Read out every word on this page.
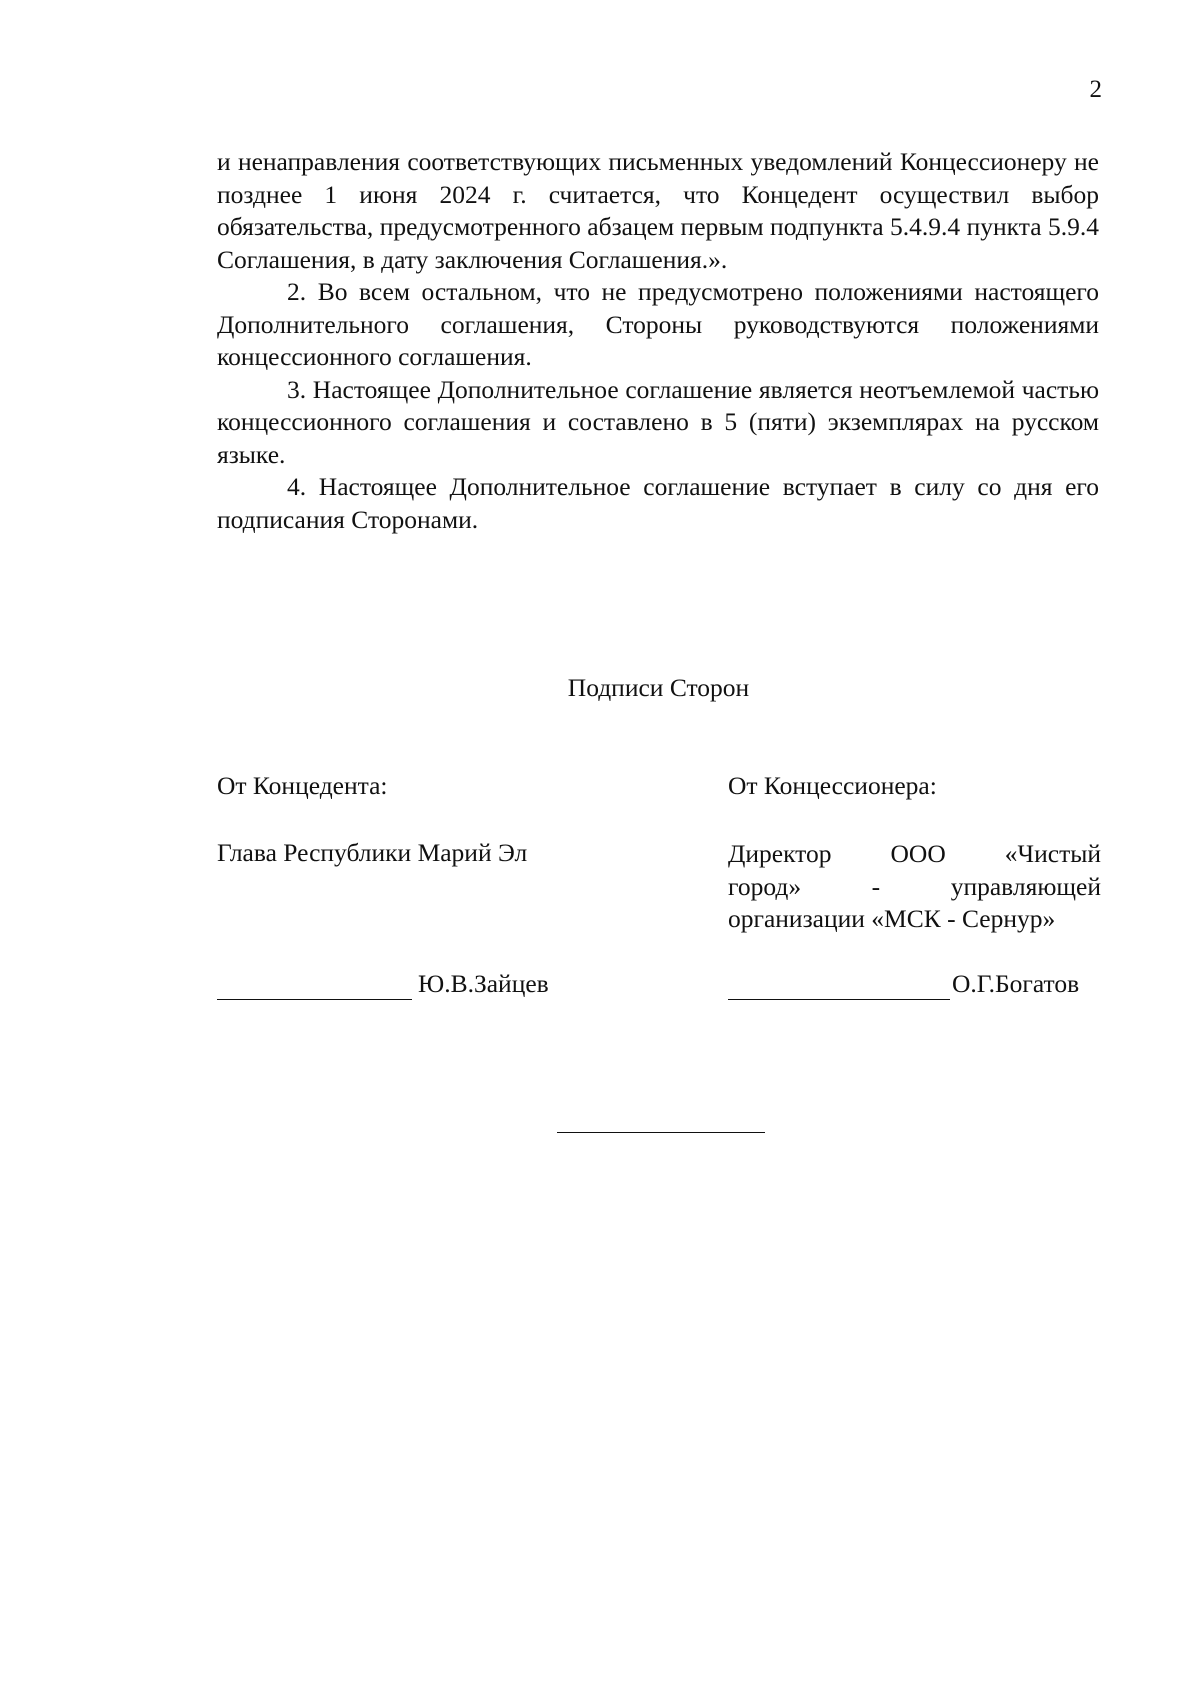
2

и ненаправления соответствующих письменных уведомлений Концессионеру не позднее 1 июня 2024 г. считается, что Концедент осуществил выбор обязательства, предусмотренного абзацем первым подпункта 5.4.9.4 пункта 5.9.4 Соглашения, в дату заключения Соглашения.».

2. Во всем остальном, что не предусмотрено положениями настоящего Дополнительного соглашения, Стороны руководствуются положениями концессионного соглашения.

3. Настоящее Дополнительное соглашение является неотъемлемой частью концессионного соглашения и составлено в 5 (пяти) экземплярах на русском языке.

4. Настоящее Дополнительное соглашение вступает в силу со дня его подписания Сторонами.

Подписи Сторон
От Концедента:	От Концессионера:
Глава Республики Марий Эл	Директор ООО «Чистый
город» - управляющей
организации «МСК - Сернур»
Ю.В.Зайцев	О.Г.Богатов
